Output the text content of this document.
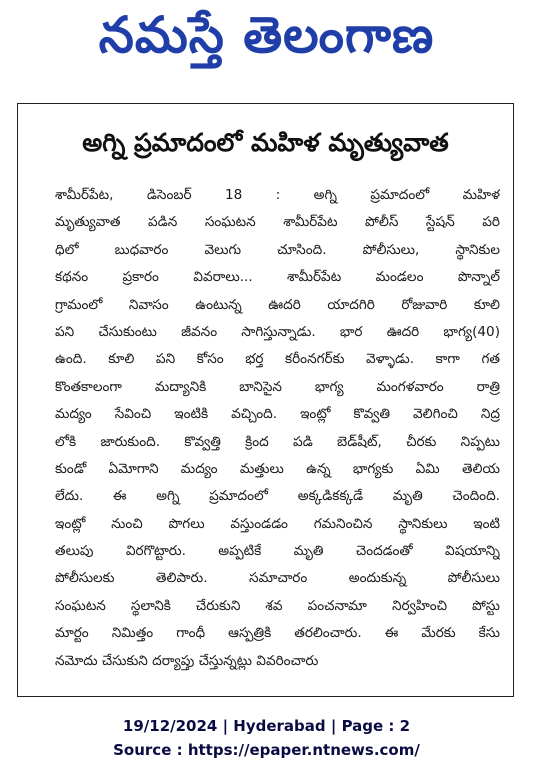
నమస్తే తెలంగాణ
అగ్ని ప్రమాదంలో మహిళ మృత్యువాత
శామీర్‌పేట, డిసెంబర్ 18 : అగ్ని ప్రమాదంలో మహిళ
మృత్యువాత పడిన సంఘటన శామీర్‌పేట పోలీస్ స్టేషన్ పరి
ధిలో బుధవారం వెలుగు చూసింది. పోలీసులు, స్థానికుల
కథనం ప్రకారం వివరాలు... శామీర్‌పేట మండలం పొన్నాల్
గ్రామంలో నివాసం ఉంటున్న ఊదరి యాదగిరి రోజువారి కూలి
పని చేసుకుంటు జీవనం సాగిస్తున్నాడు. భార ఊదరి భాగ్య(40)
ఉంది. కూలి పని కోసం భర్త కరీంనగర్‌కు వెళ్ళాడు. కాగా గత
కొంతకాలంగా మద్యానికి బానిసైన భాగ్య మంగళవారం రాత్రి
మద్యం సేవించి ఇంటికి వచ్చింది. ఇంట్లో కొవ్వతి వెలిగించి నిద్ర
లోకి జారుకుంది. కొవ్వత్తి క్రింద పడి బెడ్‌షీట్, చీరకు నిప్పటు
కుండో ఏమోగాని మద్యం మత్తులు ఉన్న భాగ్యకు ఏమి తెలియ
లేదు. ఈ అగ్ని ప్రమాదంలో అక్కడికక్కడే మృతి చెందింది.
ఇంట్లో నుంచి పొగలు వస్తుండడం గమనించిన స్థానికులు ఇంటి
తలుపు విరగొట్టారు. అప్పటికే మృతి చెందడంతో విషయాన్ని
పోలీసులకు తెలిపారు. సమాచారం అందుకున్న పోలీసులు
సంఘటన స్థలానికి చేరుకుని శవ పంచనామా నిర్వహించి పోస్టు
మార్టం నిమిత్తం గాంధీ ఆస్పత్రికి తరలించారు. ఈ మేరకు కేసు
నమోదు చేసుకుని దర్యాప్తు చేస్తున్నట్లు వివరించారు
19/12/2024 | Hyderabad | Page : 2
Source : https://epaper.ntnews.com/
